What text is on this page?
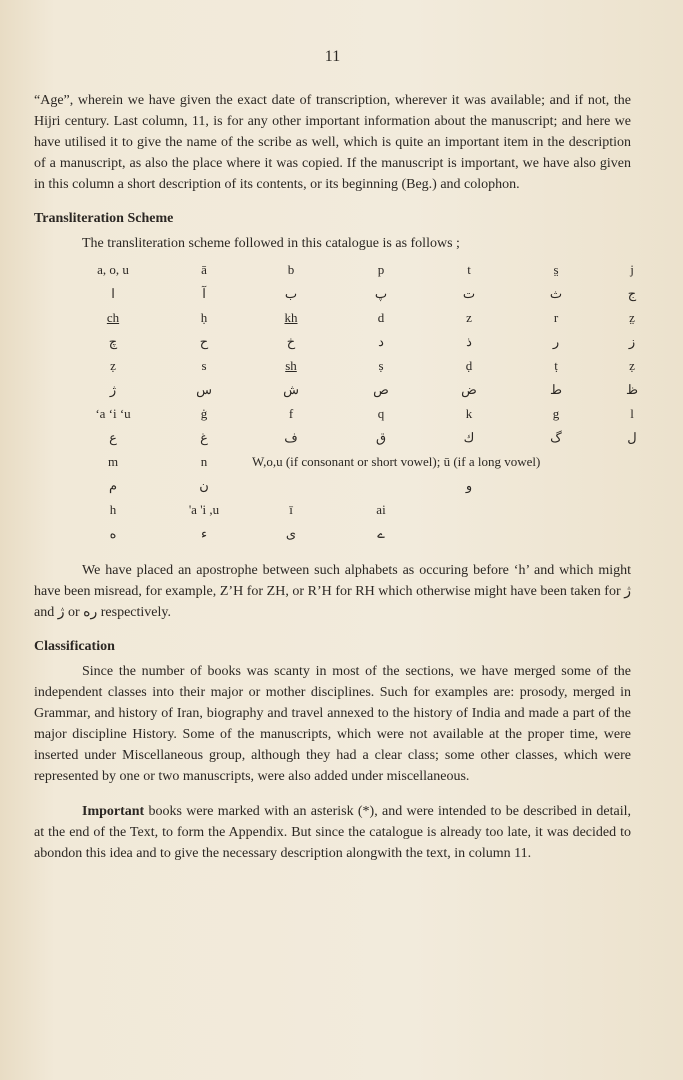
11

“Age”, wherein we have given the exact date of transcription, wherever it was available; and if not, the Hijri century. Last column, 11, is for any other important information about the manuscript; and here we have utilised it to give the name of the scribe as well, which is quite an important item in the description of a manuscript, as also the place where it was copied. If the manuscript is important, we have also given in this column a short description of its contents, or its beginning (Beg.) and colophon.

Transliteration Scheme

The transliteration scheme followed in this catalogue is as follows ;

a, o, u	ā	b	p	t	s̤	j
ا	آ	ب	پ	ت	ث	ج
ch	ḥ	kh	d	z	r	z̤
چ	ح	خ	د	ذ	ر	ز
ẓ	s	sh	ṣ	ḍ	ṭ	ẓ
ژ	س	ش	ص	ض	ط	ظ
‘a ‘i ‘u	ġ	f	q	k	g	l
ع	غ	ف	ق	ك	گ	ل
m	n	W,o,u (if consonant or short vowel); ū (if a long vowel)
م	ن	و
h	'a 'i ,u	ī	ai
ه	ء	ی	ے

We have placed an apostrophe between such alphabets as occuring before ‘h’ and which might have been misread, for example, Z’H for ZH, or R’H for RH which otherwise might have been taken for ژ and ژ or ره respectively.

Classification

Since the number of books was scanty in most of the sections, we have merged some of the independent classes into their major or mother disciplines. Such for examples are: prosody, merged in Grammar, and history of Iran, biography and travel annexed to the history of India and made a part of the major discipline History. Some of the manuscripts, which were not available at the proper time, were inserted under Miscellaneous group, although they had a clear class; some other classes, which were represented by one or two manuscripts, were also added under miscellaneous.

Important books were marked with an asterisk (*), and were intended to be described in detail, at the end of the Text, to form the Appendix. But since the catalogue is already too late, it was decided to abondon this idea and to give the necessary description alongwith the text, in column 11.
